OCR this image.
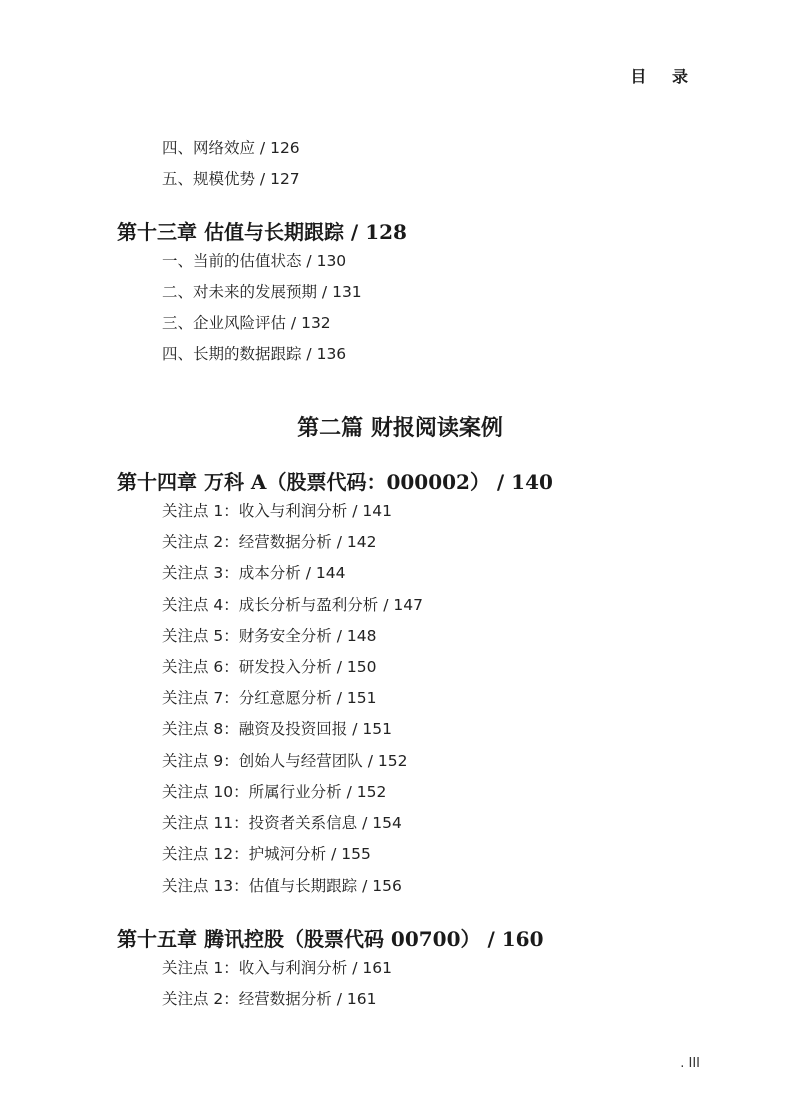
目 录
四、网络效应 / 126
五、规模优势 / 127
第十三章 估值与长期跟踪 / 128
一、当前的估值状态 / 130
二、对未来的发展预期 / 131
三、企业风险评估 / 132
四、长期的数据跟踪 / 136
第二篇 财报阅读案例
第十四章 万科 A（股票代码：000002） / 140
关注点 1：收入与利润分析 / 141
关注点 2：经营数据分析 / 142
关注点 3：成本分析 / 144
关注点 4：成长分析与盈利分析 / 147
关注点 5：财务安全分析 / 148
关注点 6：研发投入分析 / 150
关注点 7：分红意愿分析 / 151
关注点 8：融资及投资回报 / 151
关注点 9：创始人与经营团队 / 152
关注点 10：所属行业分析 / 152
关注点 11：投资者关系信息 / 154
关注点 12：护城河分析 / 155
关注点 13：估值与长期跟踪 / 156
第十五章 腾讯控股（股票代码 00700） / 160
关注点 1：收入与利润分析 / 161
关注点 2：经营数据分析 / 161
. III
